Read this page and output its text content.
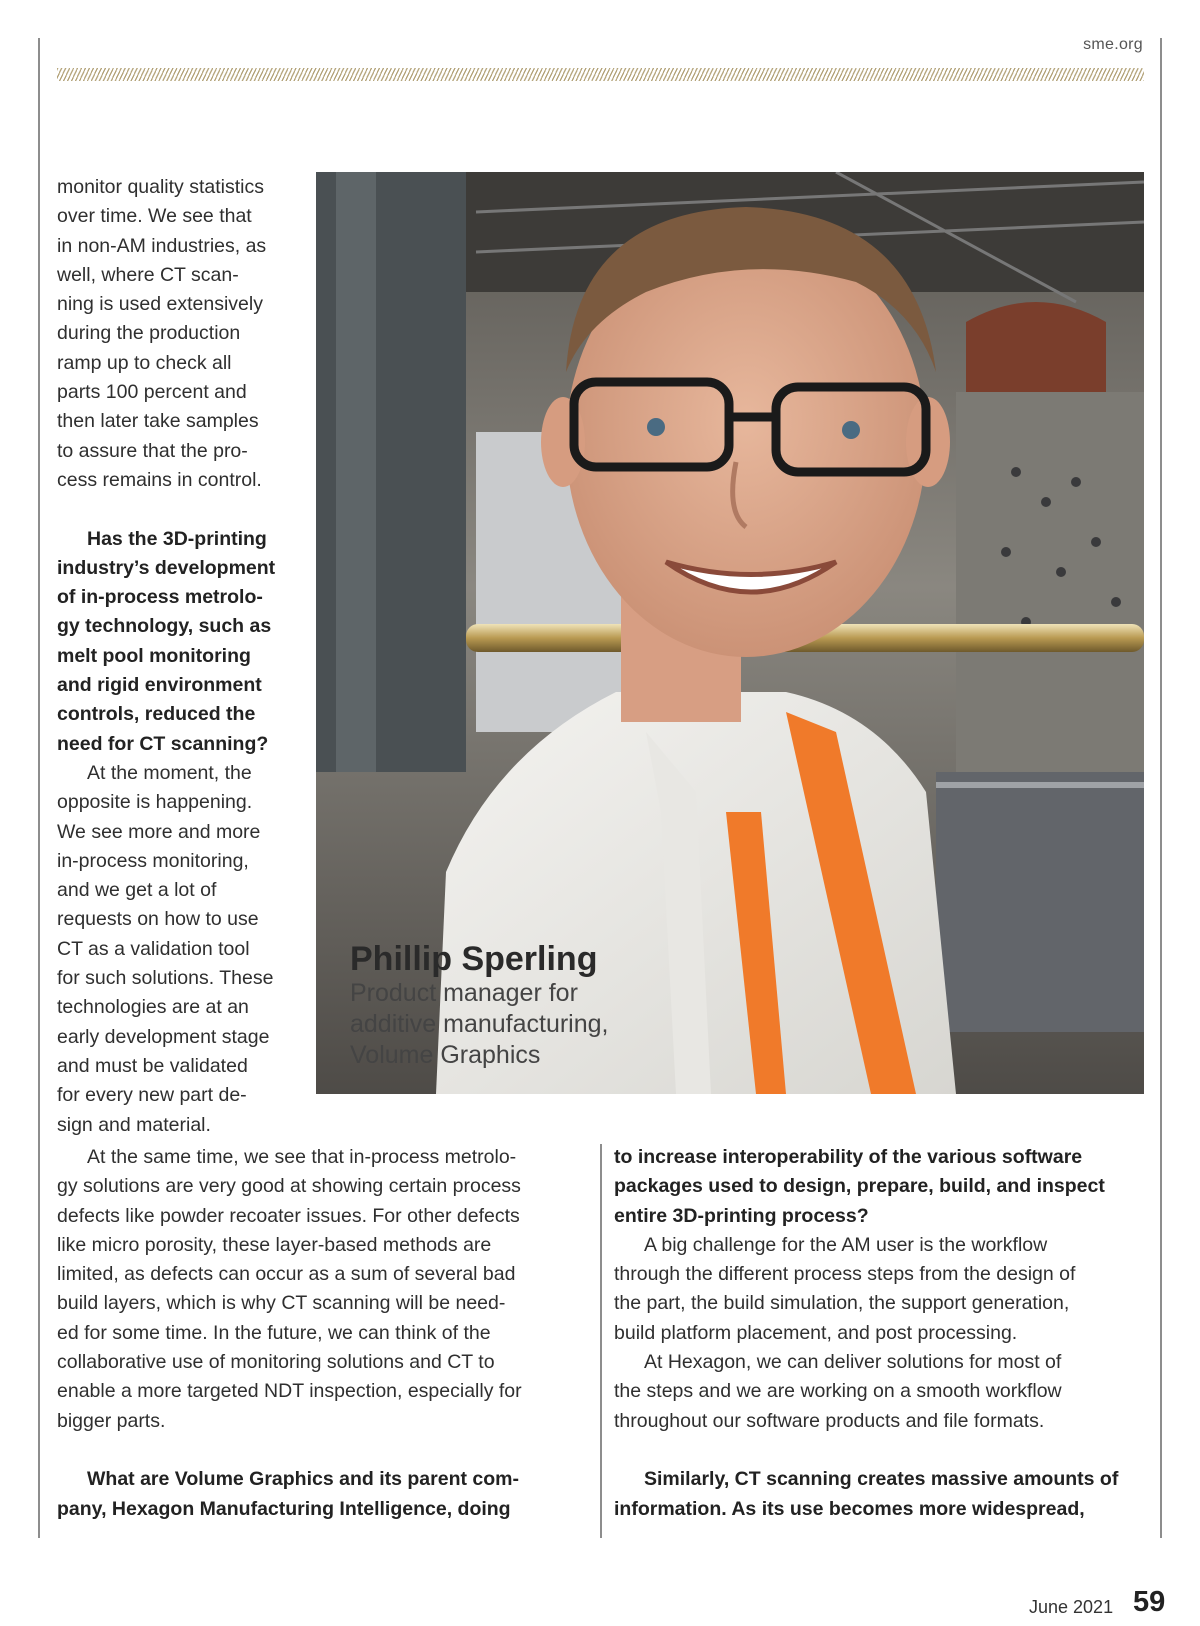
sme.org

monitor quality statistics

over time. We see that

in non-AM industries, as

well, where CT scan-

ning is used extensively

during the production

ramp up to check all

parts 100 percent and

then later take samples

to assure that the pro-

cess remains in control.

Has the 3D-printing

industry’s development

of in-process metrolo-

gy technology, such as

melt pool monitoring

and rigid environment

controls, reduced the

need for CT scanning?

At the moment, the

opposite is happening.

We see more and more

in-process monitoring,

and we get a lot of

requests on how to use

CT as a validation tool

for such solutions. These

technologies are at an

early development stage

and must be validated

for every new part de-

sign and material.

Phillip Sperling
Product manager for
additive manufacturing,
Volume Graphics

At the same time, we see that in-process metrolo-

gy solutions are very good at showing certain process

defects like powder recoater issues. For other defects

like micro porosity, these layer-based methods are

limited, as defects can occur as a sum of several bad

build layers, which is why CT scanning will be need-

ed for some time. In the future, we can think of the

collaborative use of monitoring solutions and CT to

enable a more targeted NDT inspection, especially for

bigger parts.

What are Volume Graphics and its parent com-

pany, Hexagon Manufacturing Intelligence, doing

to increase interoperability of the various software

packages used to design, prepare, build, and inspect

entire 3D-printing process?

A big challenge for the AM user is the workflow

through the different process steps from the design of

the part, the build simulation, the support generation,

build platform placement, and post processing.

At Hexagon, we can deliver solutions for most of

the steps and we are working on a smooth workflow

throughout our software products and file formats.

Similarly, CT scanning creates massive amounts of

information. As its use becomes more widespread,

June 2021 59
